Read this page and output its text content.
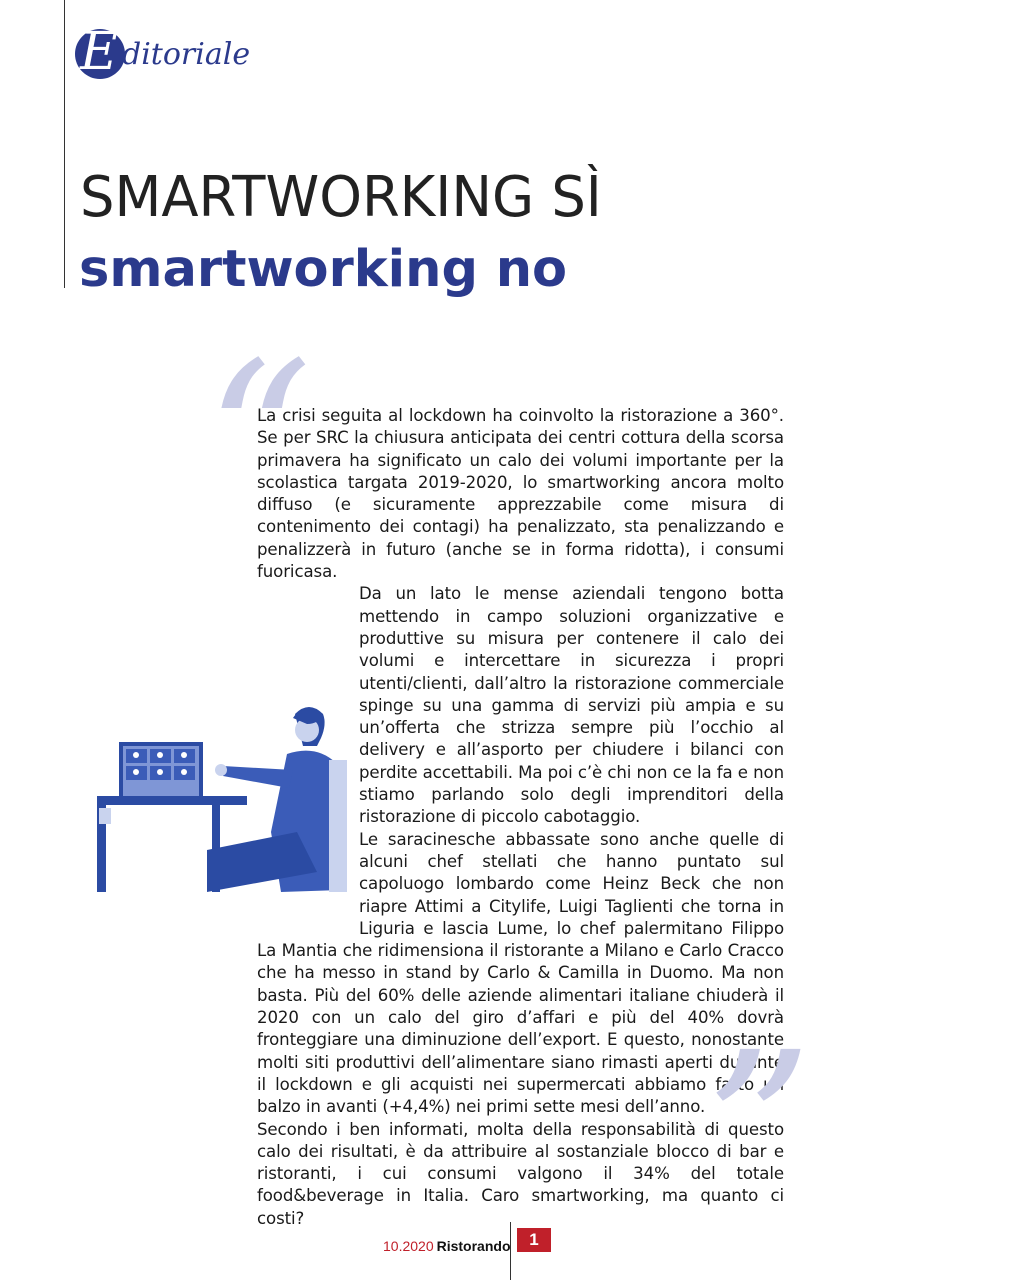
E ditoriale
SMARTWORKING SÌ
smartworking no
“

La crisi seguita al lockdown ha coinvolto la ristorazione a 360°. Se per SRC la chiusura anticipata dei centri cottura della scorsa primavera ha significato un calo dei volumi importante per la scolastica targata 2019-2020, lo smartworking ancora molto diffuso (e sicuramente apprezzabile come misura di contenimento dei contagi) ha penalizzato, sta penalizzando e penalizzerà in futuro (anche se in forma ridotta), i consumi fuoricasa.

Da un lato le mense aziendali tengono botta mettendo in campo soluzioni organizzative e produttive su misura per contenere il calo dei volumi e intercettare in sicurezza i propri utenti/clienti, dall’altro la ristorazione commerciale spinge su una gamma di servizi più ampia e su un’offerta che strizza sempre più l’occhio al delivery e all’asporto per chiudere i bilanci con perdite accettabili. Ma poi c’è chi non ce la fa e non stiamo parlando solo degli imprenditori della ristorazione di piccolo cabotaggio.

Le saracinesche abbassate sono anche quelle di alcuni chef stellati che hanno puntato sul capoluogo lombardo come Heinz Beck che non riapre Attimi a Citylife, Luigi Taglienti che torna in Liguria e lascia Lume, lo chef palermitano Filippo La Mantia che ridimensiona il ristorante a Milano e Carlo Cracco che ha messo in stand by Carlo & Camilla in Duomo. Ma non basta. Più del 60% delle aziende alimentari italiane chiuderà il 2020 con un calo del giro d’affari e più del 40% dovrà fronteggiare una diminuzione dell’export. E questo, nonostante molti siti produttivi dell’alimentare siano rimasti aperti durante il lockdown e gli acquisti nei supermercati abbiamo fatto un balzo in avanti (+4,4%) nei primi sette mesi dell’anno.

Secondo i ben informati, molta della responsabilità di questo calo dei risultati, è da attribuire al sostanziale blocco di bar e ristoranti, i cui consumi valgono il 34% del totale food&beverage in Italia. Caro smartworking, ma quanto ci costi?	”
10.2020 Ristorando	1
